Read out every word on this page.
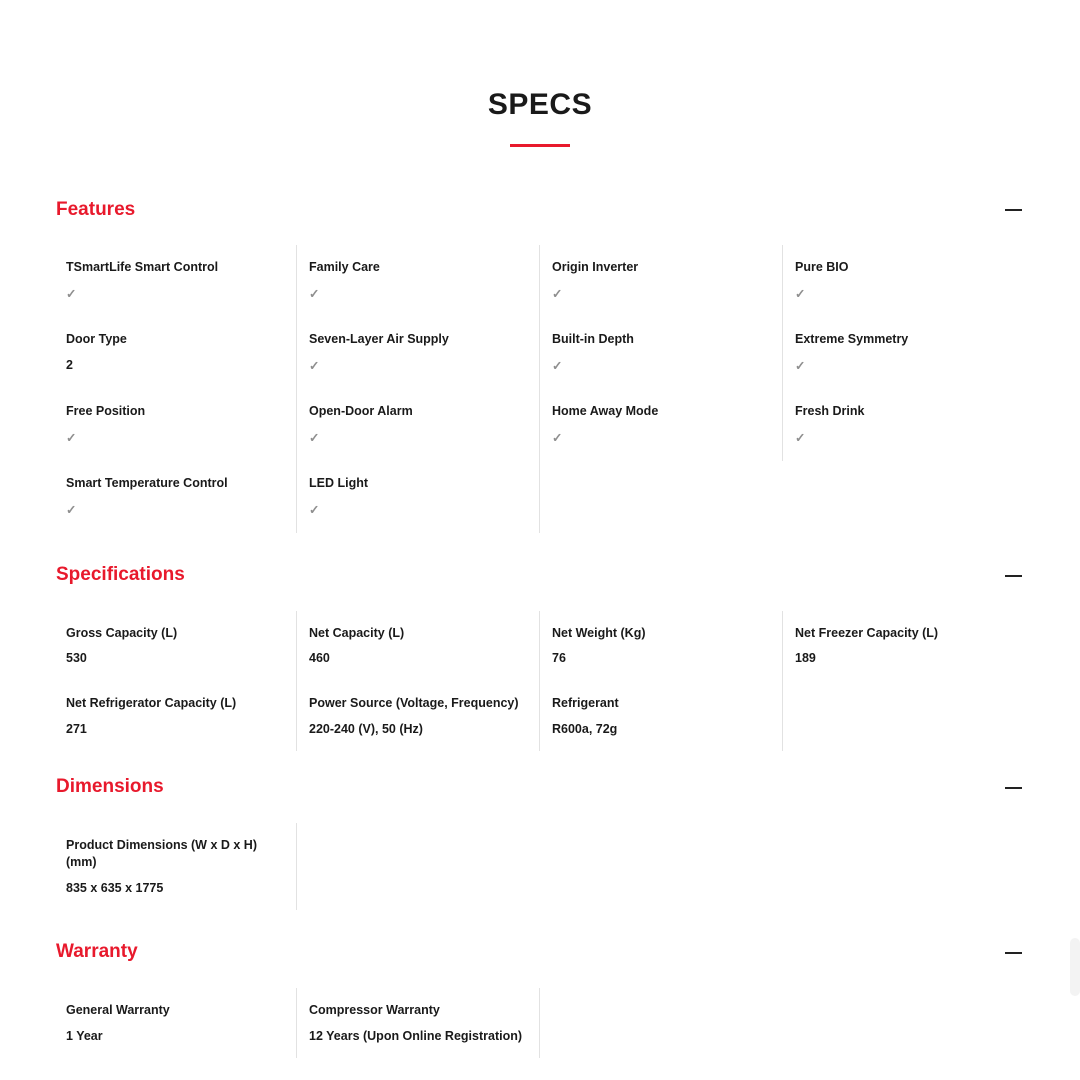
SPECS
Features

TSmartLife Smart Control

✓

Family Care

✓

Origin Inverter

✓

Pure BIO

✓

Door Type

2

Seven-Layer Air Supply

✓

Built-in Depth

✓

Extreme Symmetry

✓

Free Position

✓

Open-Door Alarm

✓

Home Away Mode

✓

Fresh Drink

✓

Smart Temperature Control

✓

LED Light

✓

Specifications

Gross Capacity (L)

530

Net Capacity (L)

460

Net Weight (Kg)

76

Net Freezer Capacity (L)

189

Net Refrigerator Capacity (L)

271

Power Source (Voltage, Frequency)

220-240 (V), 50 (Hz)

Refrigerant

R600a, 72g

Dimensions

Product Dimensions (W x D x H) (mm)

835 x 635 x 1775

Warranty

General Warranty

1 Year

Compressor Warranty

12 Years (Upon Online Registration)
